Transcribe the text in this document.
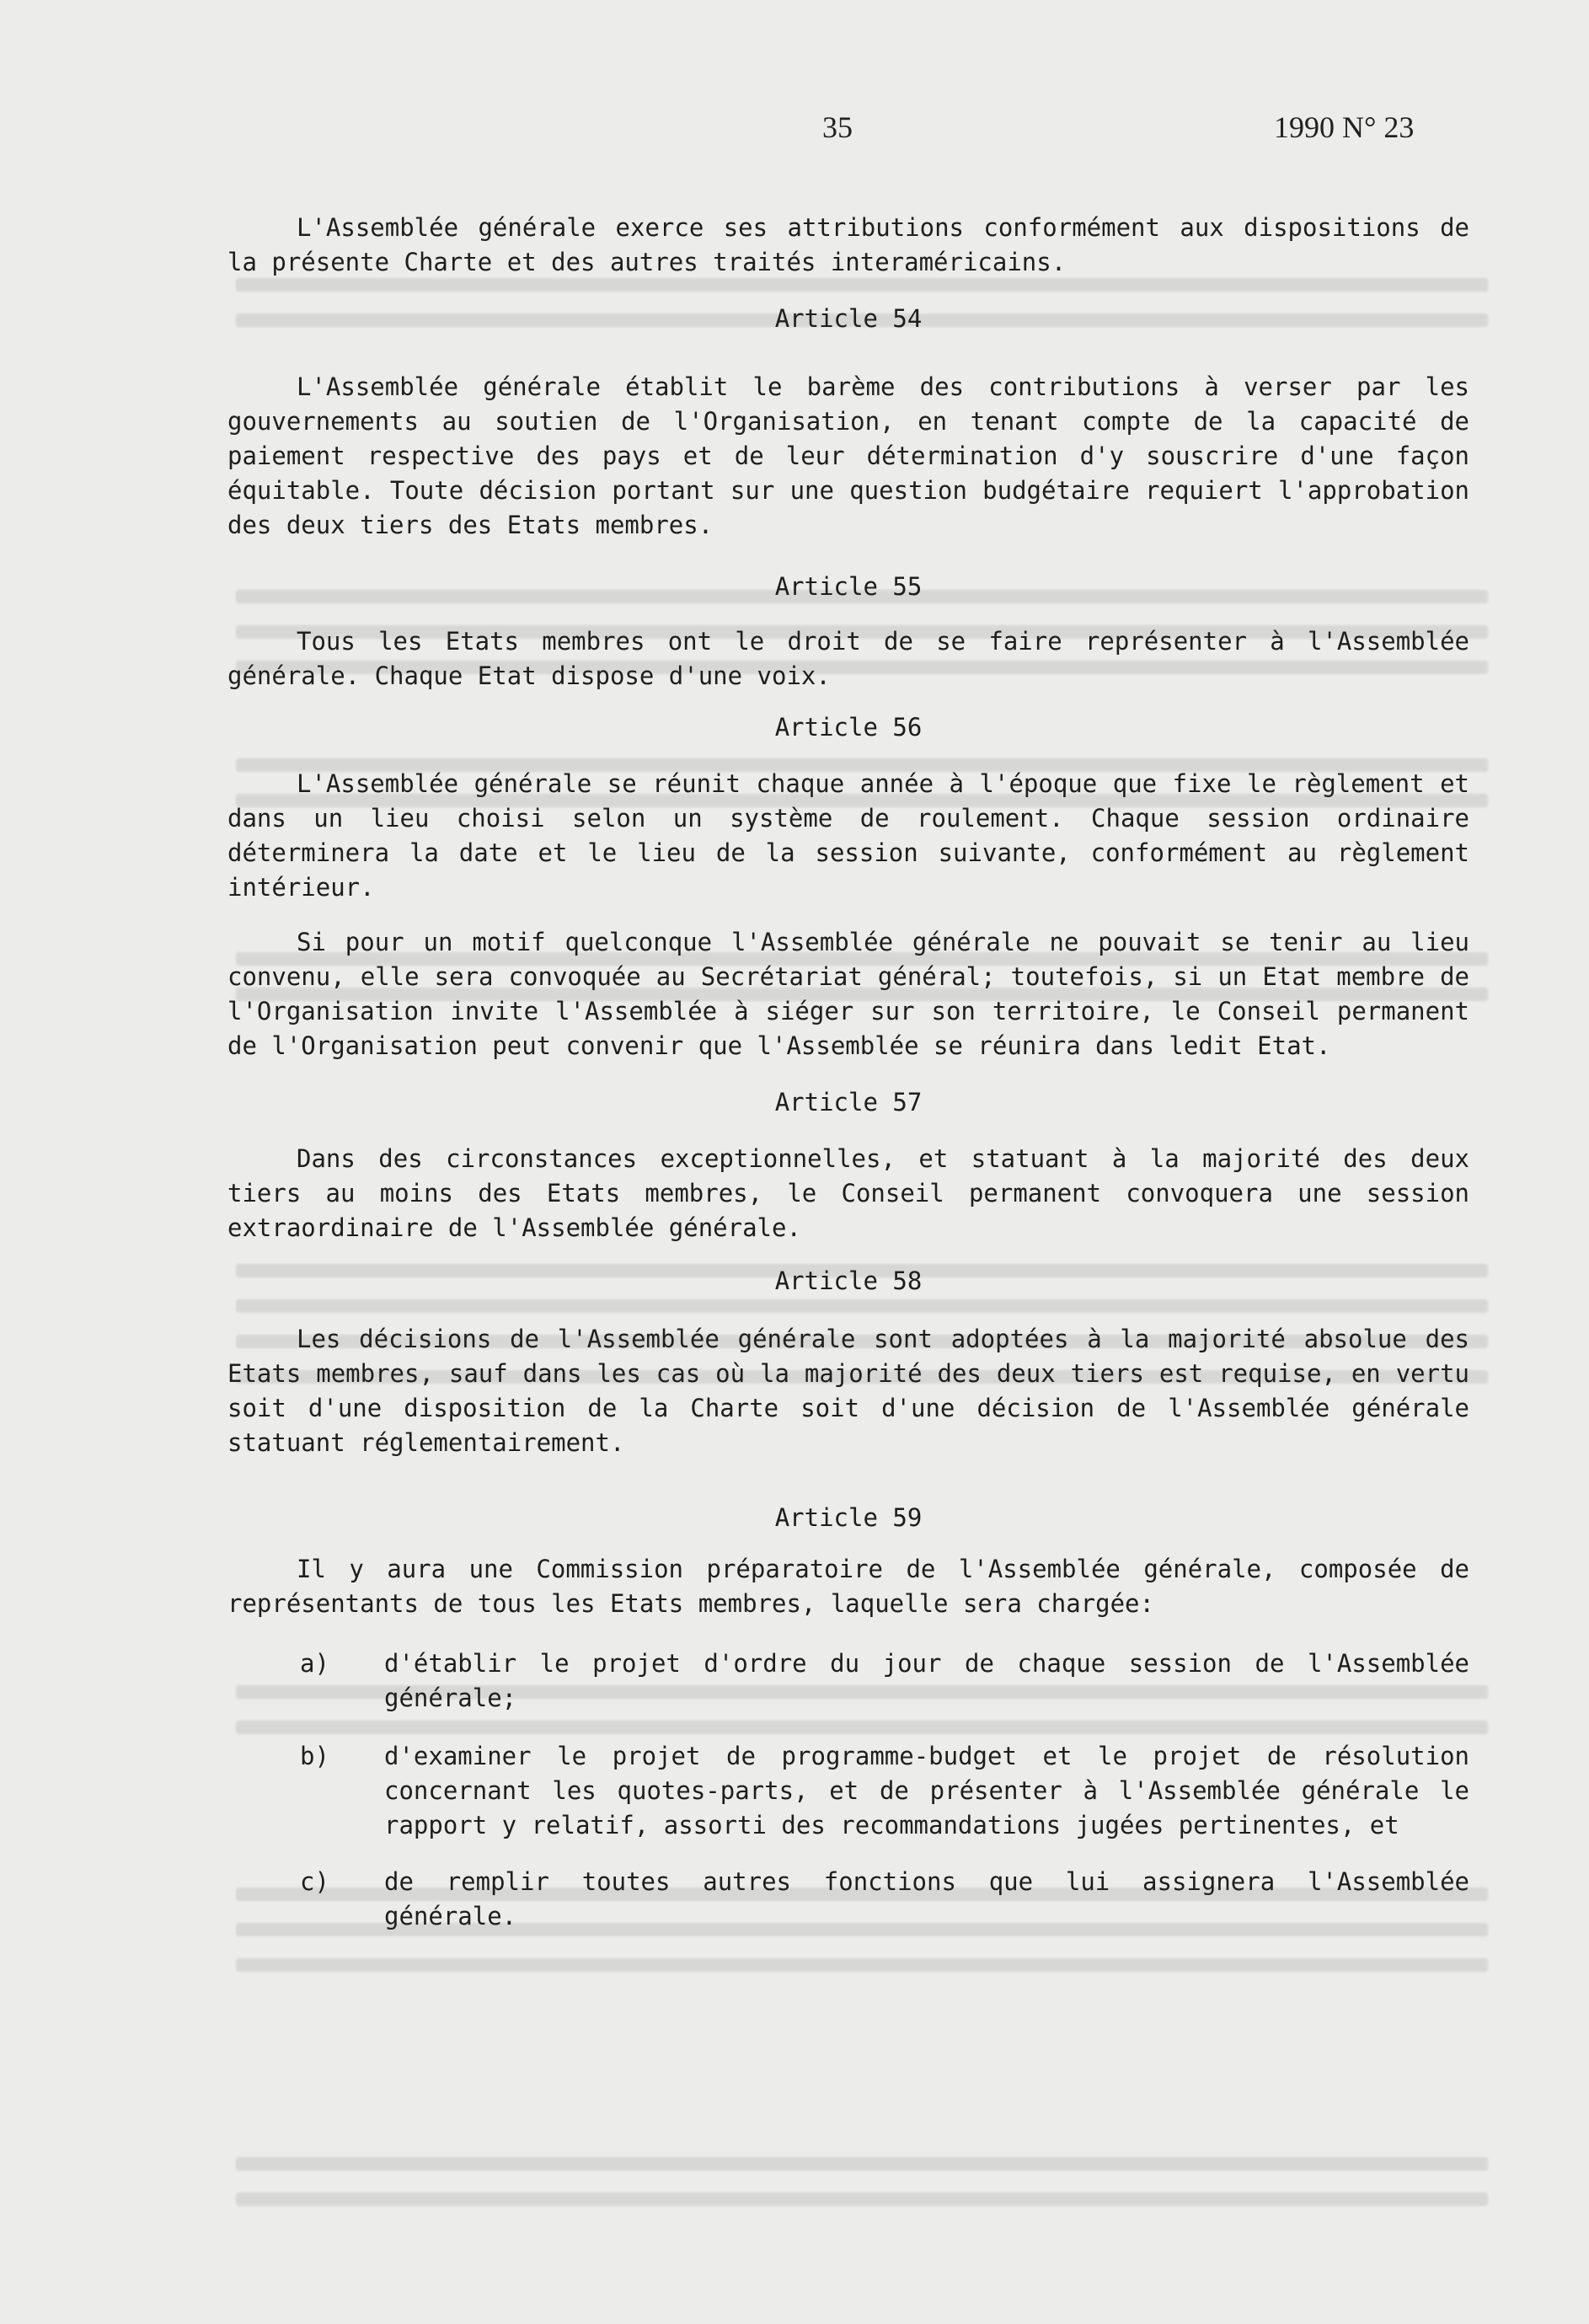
35	1990 N° 23

L'Assemblée générale exerce ses attributions conformément aux dispositions de la présente Charte et des autres traités interaméricains.

Article 54

L'Assemblée générale établit le barème des contributions à verser par les gouvernements au soutien de l'Organisation, en tenant compte de la capacité de paiement respective des pays et de leur détermination d'y souscrire d'une façon équitable. Toute décision portant sur une question budgétaire requiert l'approbation des deux tiers des Etats membres.

Article 55

Tous les Etats membres ont le droit de se faire représenter à l'Assemblée générale. Chaque Etat dispose d'une voix.

Article 56

L'Assemblée générale se réunit chaque année à l'époque que fixe le règlement et dans un lieu choisi selon un système de roulement. Chaque session ordinaire déterminera la date et le lieu de la session suivante, conformément au règlement intérieur.

Si pour un motif quelconque l'Assemblée générale ne pouvait se tenir au lieu convenu, elle sera convoquée au Secrétariat général; toutefois, si un Etat membre de l'Organisation invite l'Assemblée à siéger sur son territoire, le Conseil permanent de l'Organisation peut convenir que l'Assemblée se réunira dans ledit Etat.

Article 57

Dans des circonstances exceptionnelles, et statuant à la majorité des deux tiers au moins des Etats membres, le Conseil permanent convoquera une session extraordinaire de l'Assemblée générale.

Article 58

Les décisions de l'Assemblée générale sont adoptées à la majorité absolue des Etats membres, sauf dans les cas où la majorité des deux tiers est requise, en vertu soit d'une disposition de la Charte soit d'une décision de l'Assemblée générale statuant réglementairement.

Article 59

Il y aura une Commission préparatoire de l'Assemblée générale, composée de représentants de tous les Etats membres, laquelle sera chargée:

a)	d'établir le projet d'ordre du jour de chaque session de l'Assemblée générale;
b)	d'examiner le projet de programme-budget et le projet de résolution concernant les quotes-parts, et de présenter à l'Assemblée générale le rapport y relatif, assorti des recommandations jugées pertinentes, et
c)	de remplir toutes autres fonctions que lui assignera l'Assemblée générale.
